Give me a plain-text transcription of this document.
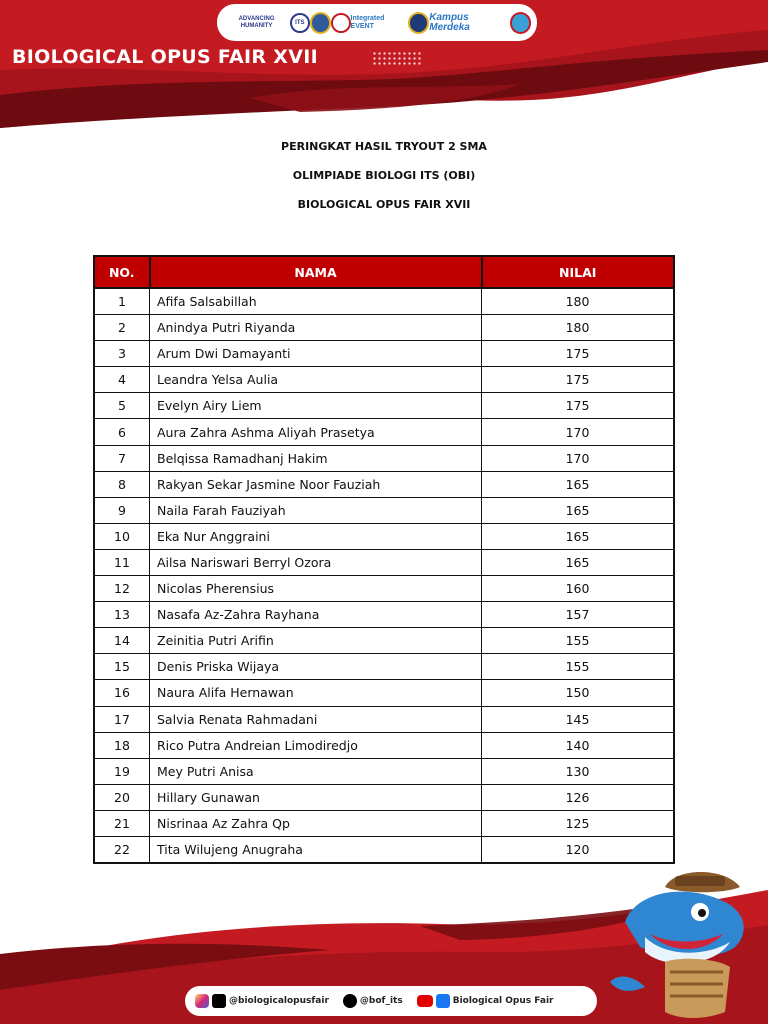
ADVANCING HUMANITY	ITS
Integrated EVENT
Kampus Merdeka
BIOLOGICAL OPUS FAIR XVII
PERINGKAT HASIL TRYOUT 2 SMA
OLIMPIADE BIOLOGI ITS (OBI)
BIOLOGICAL OPUS FAIR XVII
NO.	NAMA	NILAI
1	Afifa Salsabillah	180
2	Anindya Putri Riyanda	180
3	Arum Dwi Damayanti	175
4	Leandra Yelsa Aulia	175
5	Evelyn Airy Liem	175
6	Aura Zahra Ashma Aliyah Prasetya	170
7	Belqissa Ramadhanj Hakim	170
8	Rakyan Sekar Jasmine Noor Fauziah	165
9	Naila Farah Fauziyah	165
10	Eka Nur Anggraini	165
11	Ailsa Nariswari Berryl Ozora	165
12	Nicolas Pherensius	160
13	Nasafa Az-Zahra Rayhana	157
14	Zeinitia Putri Arifin	155
15	Denis Priska Wijaya	155
16	Naura Alifa Hernawan	150
17	Salvia Renata Rahmadani	145
18	Rico Putra Andreian Limodiredjo	140
19	Mey Putri Anisa	130
20	Hillary Gunawan	126
21	Nisrinaa Az Zahra Qp	125
22	Tita Wilujeng Anugraha	120
@biologicalopusfair	@bof_its	Biological Opus Fair
